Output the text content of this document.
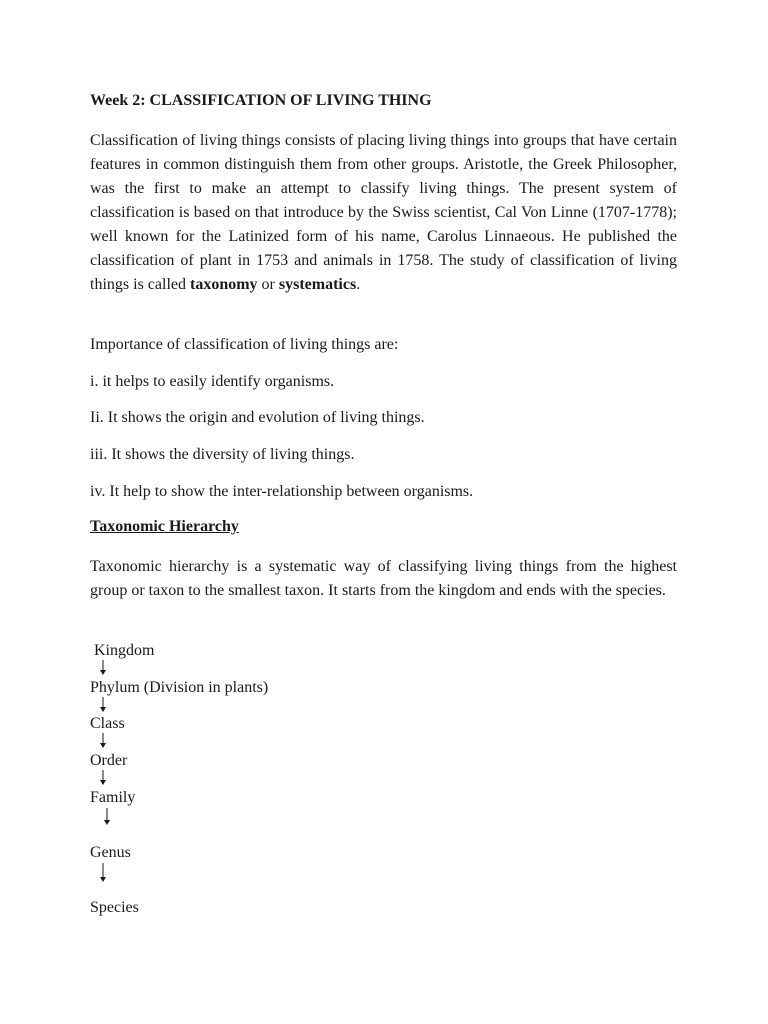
Week 2: CLASSIFICATION OF LIVING THING

Classification of living things consists of placing living things into groups that have certain features in common distinguish them from other groups. Aristotle, the Greek Philosopher, was the first to make an attempt to classify living things. The present system of classification is based on that introduce by the Swiss scientist, Cal Von Linne (1707-1778); well known for the Latinized form of his name, Carolus Linnaeous. He published the classification of plant in 1753 and animals in 1758. The study of classification of living things is called taxonomy or systematics.

Importance of classification of living things are:
i. it helps to easily identify organisms.
Ii. It shows the origin and evolution of living things.
iii. It shows the diversity of living things.
iv. It help to show the inter-relationship between organisms.
Taxonomic Hierarchy

Taxonomic hierarchy is a systematic way of classifying living things from the highest group or taxon to the smallest taxon. It starts from the kingdom and ends with the species.

Kingdom
Phylum (Division in plants)
Class
Order
Family
Genus
Species
